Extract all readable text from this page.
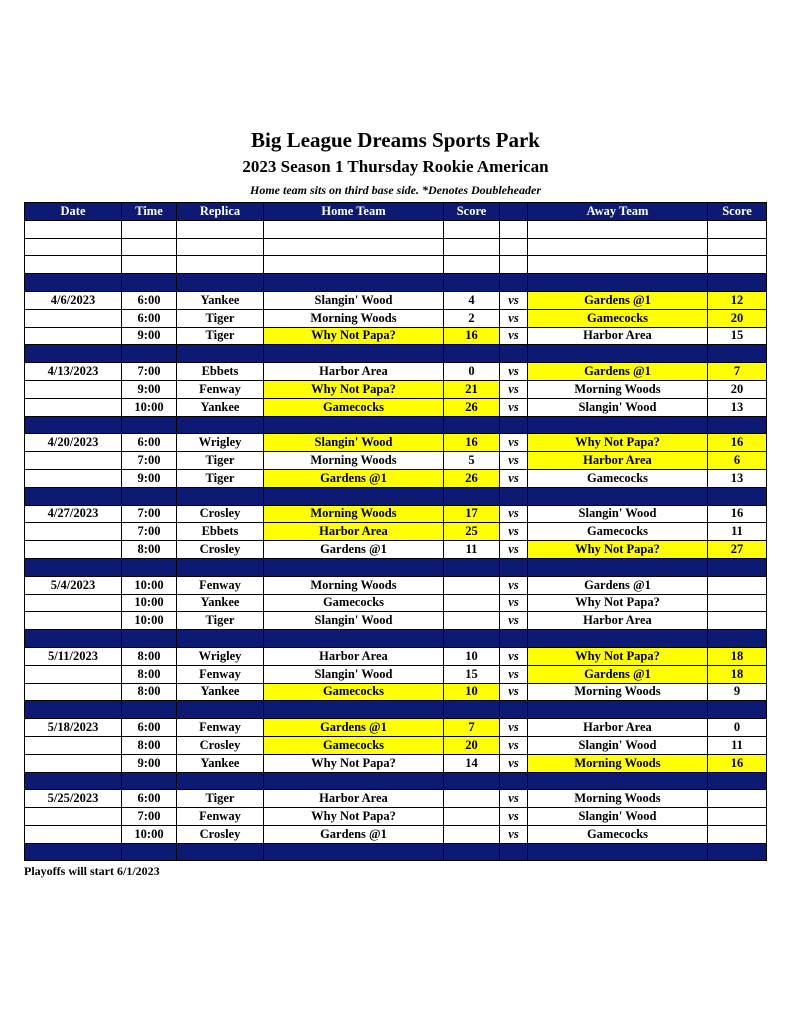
Big League Dreams Sports Park
2023 Season 1 Thursday Rookie American
Home team sits on third base side. *Denotes Doubleheader
Date	Time	Replica	Home Team	Score		Away Team	Score

4/6/2023	6:00	Yankee	Slangin' Wood	4	vs	Gardens @1	12
	6:00	Tiger	Morning Woods	2	vs	Gamecocks	20
	9:00	Tiger	Why Not Papa?	16	vs	Harbor Area	15

4/13/2023	7:00	Ebbets	Harbor Area	0	vs	Gardens @1	7
	9:00	Fenway	Why Not Papa?	21	vs	Morning Woods	20
	10:00	Yankee	Gamecocks	26	vs	Slangin' Wood	13

4/20/2023	6:00	Wrigley	Slangin' Wood	16	vs	Why Not Papa?	16
	7:00	Tiger	Morning Woods	5	vs	Harbor Area	6
	9:00	Tiger	Gardens @1	26	vs	Gamecocks	13

4/27/2023	7:00	Crosley	Morning Woods	17	vs	Slangin' Wood	16
	7:00	Ebbets	Harbor Area	25	vs	Gamecocks	11
	8:00	Crosley	Gardens @1	11	vs	Why Not Papa?	27

5/4/2023	10:00	Fenway	Morning Woods		vs	Gardens @1	
	10:00	Yankee	Gamecocks		vs	Why Not Papa?	
	10:00	Tiger	Slangin' Wood		vs	Harbor Area	

5/11/2023	8:00	Wrigley	Harbor Area	10	vs	Why Not Papa?	18
	8:00	Fenway	Slangin' Wood	15	vs	Gardens @1	18
	8:00	Yankee	Gamecocks	10	vs	Morning Woods	9

5/18/2023	6:00	Fenway	Gardens @1	7	vs	Harbor Area	0
	8:00	Crosley	Gamecocks	20	vs	Slangin' Wood	11
	9:00	Yankee	Why Not Papa?	14	vs	Morning Woods	16

5/25/2023	6:00	Tiger	Harbor Area		vs	Morning Woods	
	7:00	Fenway	Why Not Papa?		vs	Slangin' Wood	
	10:00	Crosley	Gardens @1		vs	Gamecocks	

Playoffs will start 6/1/2023
